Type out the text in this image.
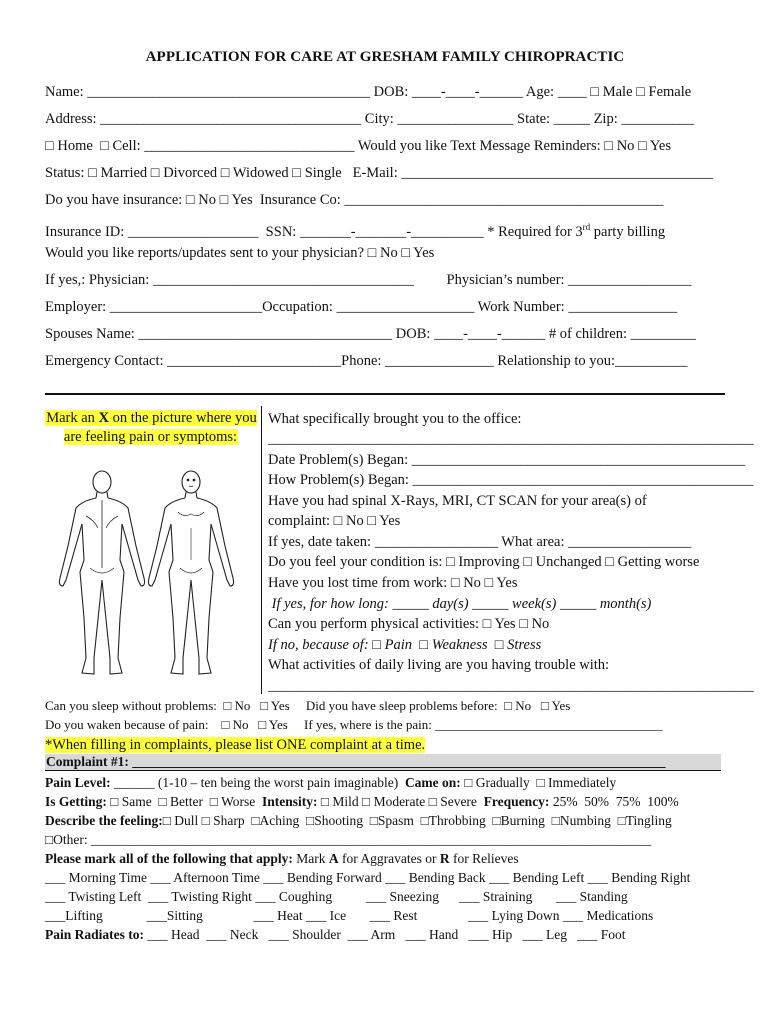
APPLICATION FOR CARE AT GRESHAM FAMILY CHIROPRACTIC
Name: _______________________________________ DOB: ____-____-______ Age: ____ □ Male □ Female
Address: ____________________________________ City: ________________ State: _____ Zip: __________
□ Home  □ Cell: _____________________________ Would you like Text Message Reminders: □ No □ Yes
Status: □ Married □ Divorced □ Widowed □ Single   E-Mail: ___________________________________________
Do you have insurance: □ No □ Yes  Insurance Co: ____________________________________________
Insurance ID: __________________  SSN: _______-_______-__________ * Required for 3rd party billing
Would you like reports/updates sent to your physician? □ No □ Yes
If yes,: Physician: ____________________________________         Physician’s number: _________________
Employer: _____________________Occupation: ___________________ Work Number: _______________
Spouses Name: ___________________________________ DOB: ____-____-______ # of children: _________
Emergency Contact: ________________________Phone: _______________ Relationship to you:__________
Mark an X on the picture where you are feeling pain or symptoms:
What specifically brought you to the office:
___________________________________________________________________
Date Problem(s) Began: ______________________________________________
How Problem(s) Began: _______________________________________________
Have you had spinal X-Rays, MRI, CT SCAN for your area(s) of
complaint: □ No □ Yes
If yes, date taken: _________________ What area: _________________
Do you feel your condition is: □ Improving □ Unchanged □ Getting worse
Have you lost time from work: □ No □ Yes
If yes, for how long: _____ day(s) _____ week(s) _____ month(s)
Can you perform physical activities: □ Yes □ No
If no, because of: □ Pain  □ Weakness  □ Stress
What activities of daily living are you having trouble with:
___________________________________________________________________
Can you sleep without problems:  □ No   □ Yes     Did you have sleep problems before:  □ No   □ Yes
Do you waken because of pain:    □ No   □ Yes     If yes, where is the pain: ___________________________________
*When filling in complaints, please list ONE complaint at a time.
Complaint #1: _______________________________________________________________________________
Pain Level: ______ (1-10 – ten being the worst pain imaginable)  Came on: □ Gradually  □ Immediately
Is Getting: □ Same  □ Better  □ Worse  Intensity: □ Mild □ Moderate □ Severe  Frequency: 25%  50%  75%  100%
Describe the feeling:□ Dull □ Sharp  □Aching  □Shooting  □Spasm  □Throbbing  □Burning  □Numbing  □Tingling
□Other: ___________________________________________________________________________________
Please mark all of the following that apply: Mark A for Aggravates or R for Relieves
___ Morning Time ___ Afternoon Time ___ Bending Forward ___ Bending Back ___ Bending Left ___ Bending Right
___ Twisting Left  ___ Twisting Right ___ Coughing          ___ Sneezing      ___ Straining       ___ Standing
___Lifting             ___Sitting               ___ Heat ___ Ice       ___ Rest               ___ Lying Down ___ Medications
Pain Radiates to: ___ Head  ___ Neck   ___ Shoulder  ___ Arm   ___ Hand   ___ Hip   ___ Leg   ___ Foot
